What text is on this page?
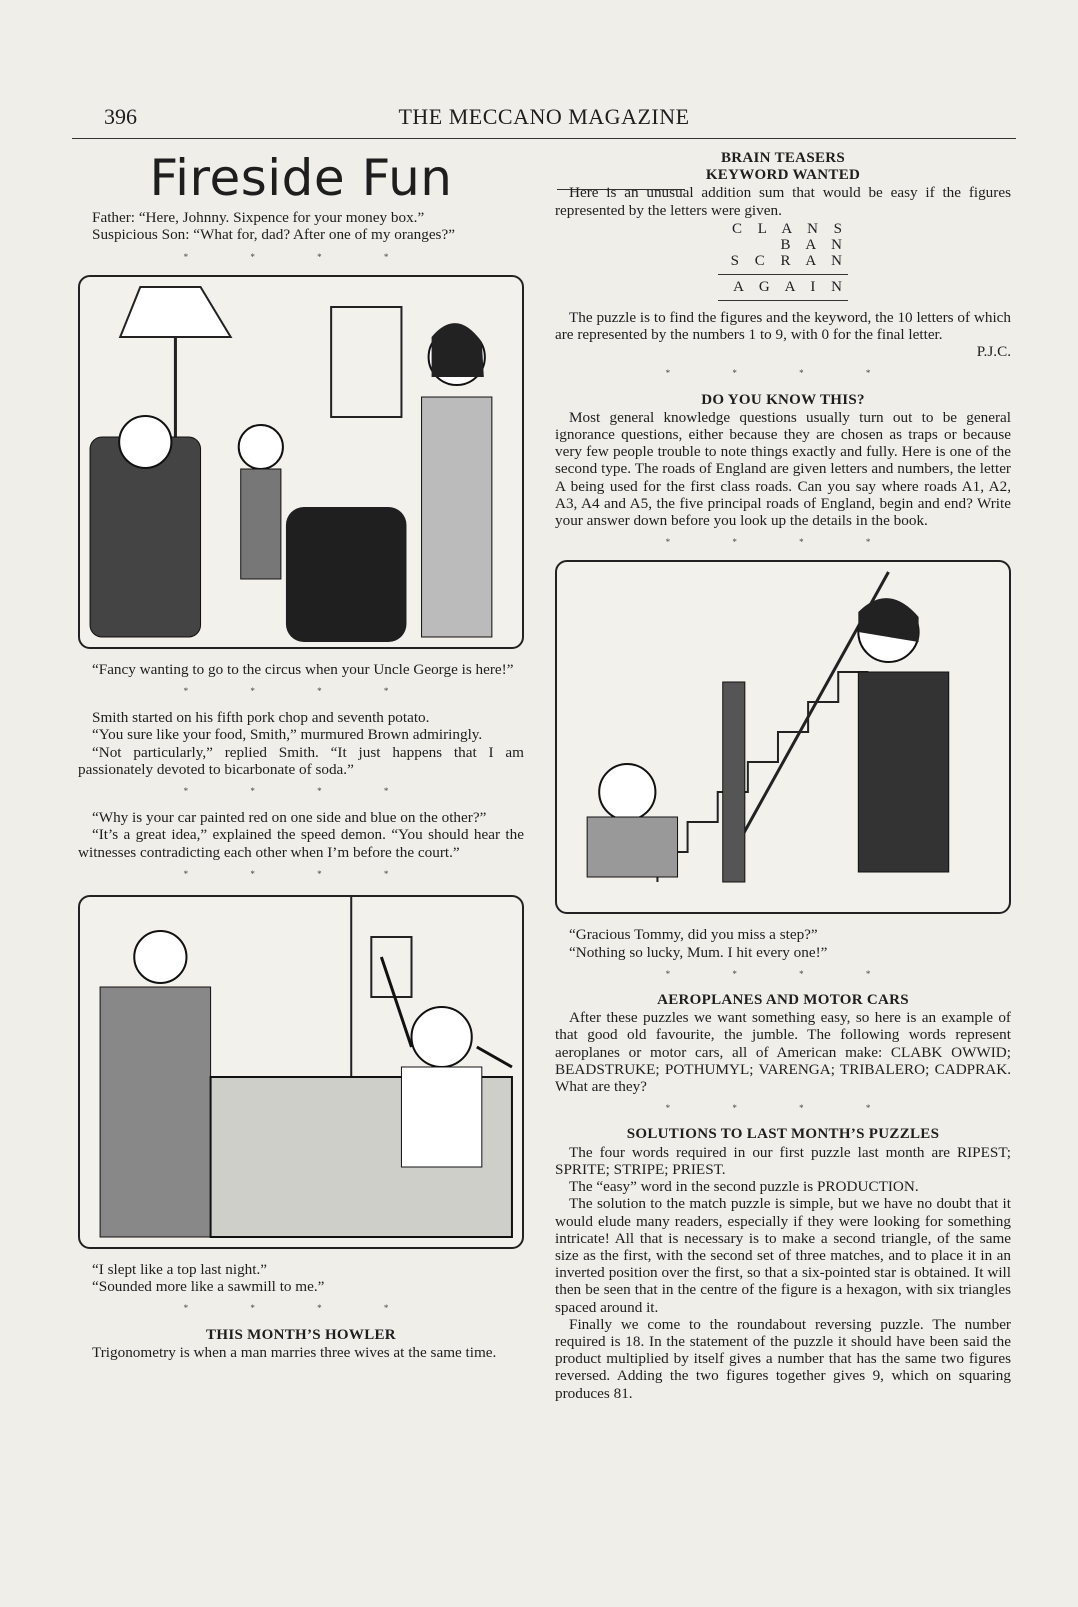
396	THE MECCANO MAGAZINE
Fireside Fun

Father: “Here, Johnny. Sixpence for your money box.”

Suspicious Son: “What for, dad? After one of my oranges?”

* * * *

“Fancy wanting to go to the circus when your Uncle George is here!”

* * * *

Smith started on his fifth pork chop and seventh potato.

“You sure like your food, Smith,” murmured Brown admiringly.

“Not particularly,” replied Smith. “It just happens that I am passionately devoted to bicarbonate of soda.”

* * * *

“Why is your car painted red on one side and blue on the other?”

“It’s a great idea,” explained the speed demon. “You should hear the witnesses contradicting each other when I’m before the court.”

* * * *

“I slept like a top last night.”

“Sounded more like a sawmill to me.”

* * * *
THIS MONTH’S HOWLER

Trigonometry is when a man marries three wives at the same time.

BRAIN TEASERS
KEYWORD WANTED

Here is an unusual addition sum that would be easy if the figures represented by the letters were given.

C L A N S
B A N
S C R A N
A G A I N

The puzzle is to find the figures and the keyword, the 10 letters of which are represented by the numbers 1 to 9, with 0 for the final letter.

P.J.C.
* * * *
DO YOU KNOW THIS?

Most general knowledge questions usually turn out to be general ignorance questions, either because they are chosen as traps or because very few people trouble to note things exactly and fully. Here is one of the second type. The roads of England are given letters and numbers, the letter A being used for the first class roads. Can you say where roads A1, A2, A3, A4 and A5, the five principal roads of England, begin and end? Write your answer down before you look up the details in the book.

* * * *

“Gracious Tommy, did you miss a step?”

“Nothing so lucky, Mum. I hit every one!”

* * * *
AEROPLANES AND MOTOR CARS

After these puzzles we want something easy, so here is an example of that good old favourite, the jumble. The following words represent aeroplanes or motor cars, all of American make: CLABK OWWID; BEADSTRUKE; POTHUMYL; VARENGA; TRIBALERO; CADPRAK. What are they?

* * * *
SOLUTIONS TO LAST MONTH’S PUZZLES

The four words required in our first puzzle last month are RIPEST; SPRITE; STRIPE; PRIEST.

The “easy” word in the second puzzle is PRODUCTION.

The solution to the match puzzle is simple, but we have no doubt that it would elude many readers, especially if they were looking for something intricate! All that is necessary is to make a second triangle, of the same size as the first, with the second set of three matches, and to place it in an inverted position over the first, so that a six-pointed star is obtained. It will then be seen that in the centre of the figure is a hexagon, with six triangles spaced around it.

Finally we come to the roundabout reversing puzzle. The number required is 18. In the statement of the puzzle it should have been said the product multiplied by itself gives a number that has the same two figures reversed. Adding the two figures together gives 9, which on squaring produces 81.
